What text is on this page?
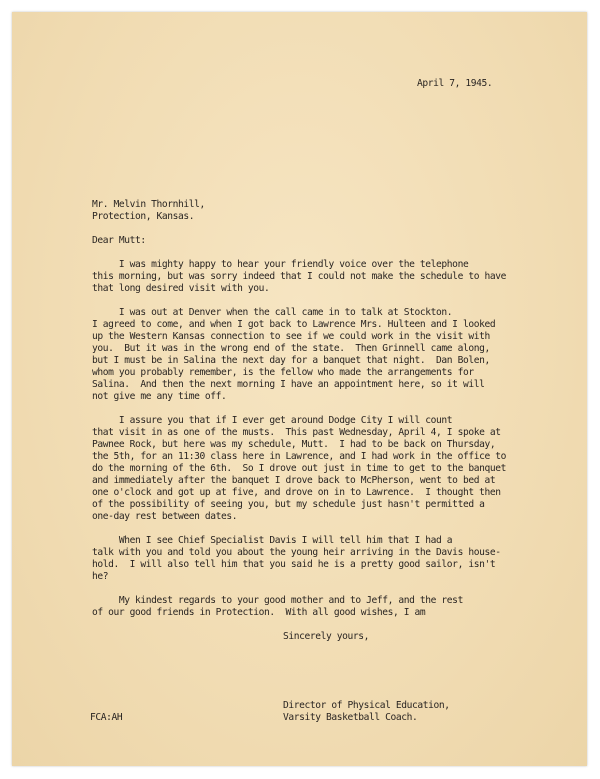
April 7, 1945.
Mr. Melvin Thornhill,
Protection, Kansas.
Dear Mutt:
I was mighty happy to hear your friendly voice over the telephone
this morning, but was sorry indeed that I could not make the schedule to have
that long desired visit with you.
I was out at Denver when the call came in to talk at Stockton.
I agreed to come, and when I got back to Lawrence Mrs. Hulteen and I looked
up the Western Kansas connection to see if we could work in the visit with
you.  But it was in the wrong end of the state.  Then Grinnell came along,
but I must be in Salina the next day for a banquet that night.  Dan Bolen,
whom you probably remember, is the fellow who made the arrangements for
Salina.  And then the next morning I have an appointment here, so it will
not give me any time off.
I assure you that if I ever get around Dodge City I will count
that visit in as one of the musts.  This past Wednesday, April 4, I spoke at
Pawnee Rock, but here was my schedule, Mutt.  I had to be back on Thursday,
the 5th, for an 11:30 class here in Lawrence, and I had work in the office to
do the morning of the 6th.  So I drove out just in time to get to the banquet
and immediately after the banquet I drove back to McPherson, went to bed at
one o'clock and got up at five, and drove on in to Lawrence.  I thought then
of the possibility of seeing you, but my schedule just hasn't permitted a
one-day rest between dates.
When I see Chief Specialist Davis I will tell him that I had a
talk with you and told you about the young heir arriving in the Davis house-
hold.  I will also tell him that you said he is a pretty good sailor, isn't
he?
My kindest regards to your good mother and to Jeff, and the rest
of our good friends in Protection.  With all good wishes, I am
Sincerely yours,
Director of Physical Education,
Varsity Basketball Coach.
FCA:AH
